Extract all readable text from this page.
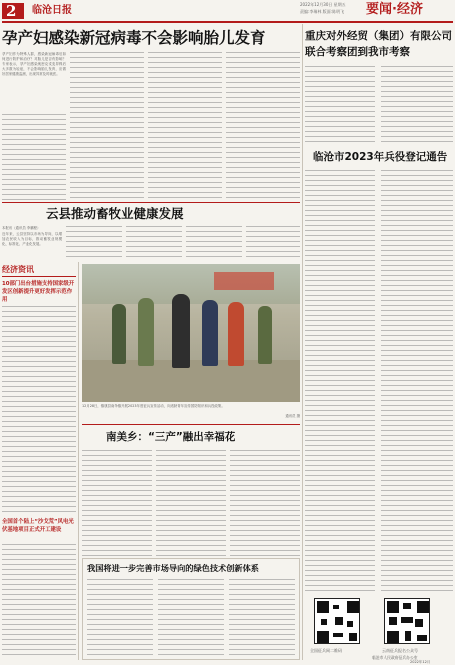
2 临沧日报
2022年12月30日 星期五
责编:李瑞林 版面:陈明飞 要闻·经济
孕产妇感染新冠病毒不会影响胎儿发育
孕产妇作为特殊人群，感染新冠病毒后如何进行防护和治疗？对胎儿是否有影响？专家表示，孕产妇感染奥密克戎变异株后大多数为轻症，不会影响胎儿发育，应做好居家健康监测，出现异常及时就医。
重庆对外经贸（集团）有限公司联合考察团到我市考察
临沧市2023年兵役登记通告
全国征兵网二维码	云南征兵报名公众号
临沧市人民政府征兵办公室
2022年12月
云县推动畜牧业健康发展
本报讯（通讯员 李鹏程）
近年来，云县坚持以市场为导向，以增加农民收入为目标，推动畜牧业规模化、标准化、产业化发展。
经济资讯
10部门出台措施支持国家级开发区创新提升更好发挥示范作用
全国首个陆上“沙戈荒”风电光伏基地项目正式开工建设
12月28日，镇康县南伞镇开展2023年度征兵宣传活动，向适龄青年宣传国防知识和兵役政策。
通讯员 摄
南美乡：“三产”融出幸福花
我国将进一步完善市场导向的绿色技术创新体系
